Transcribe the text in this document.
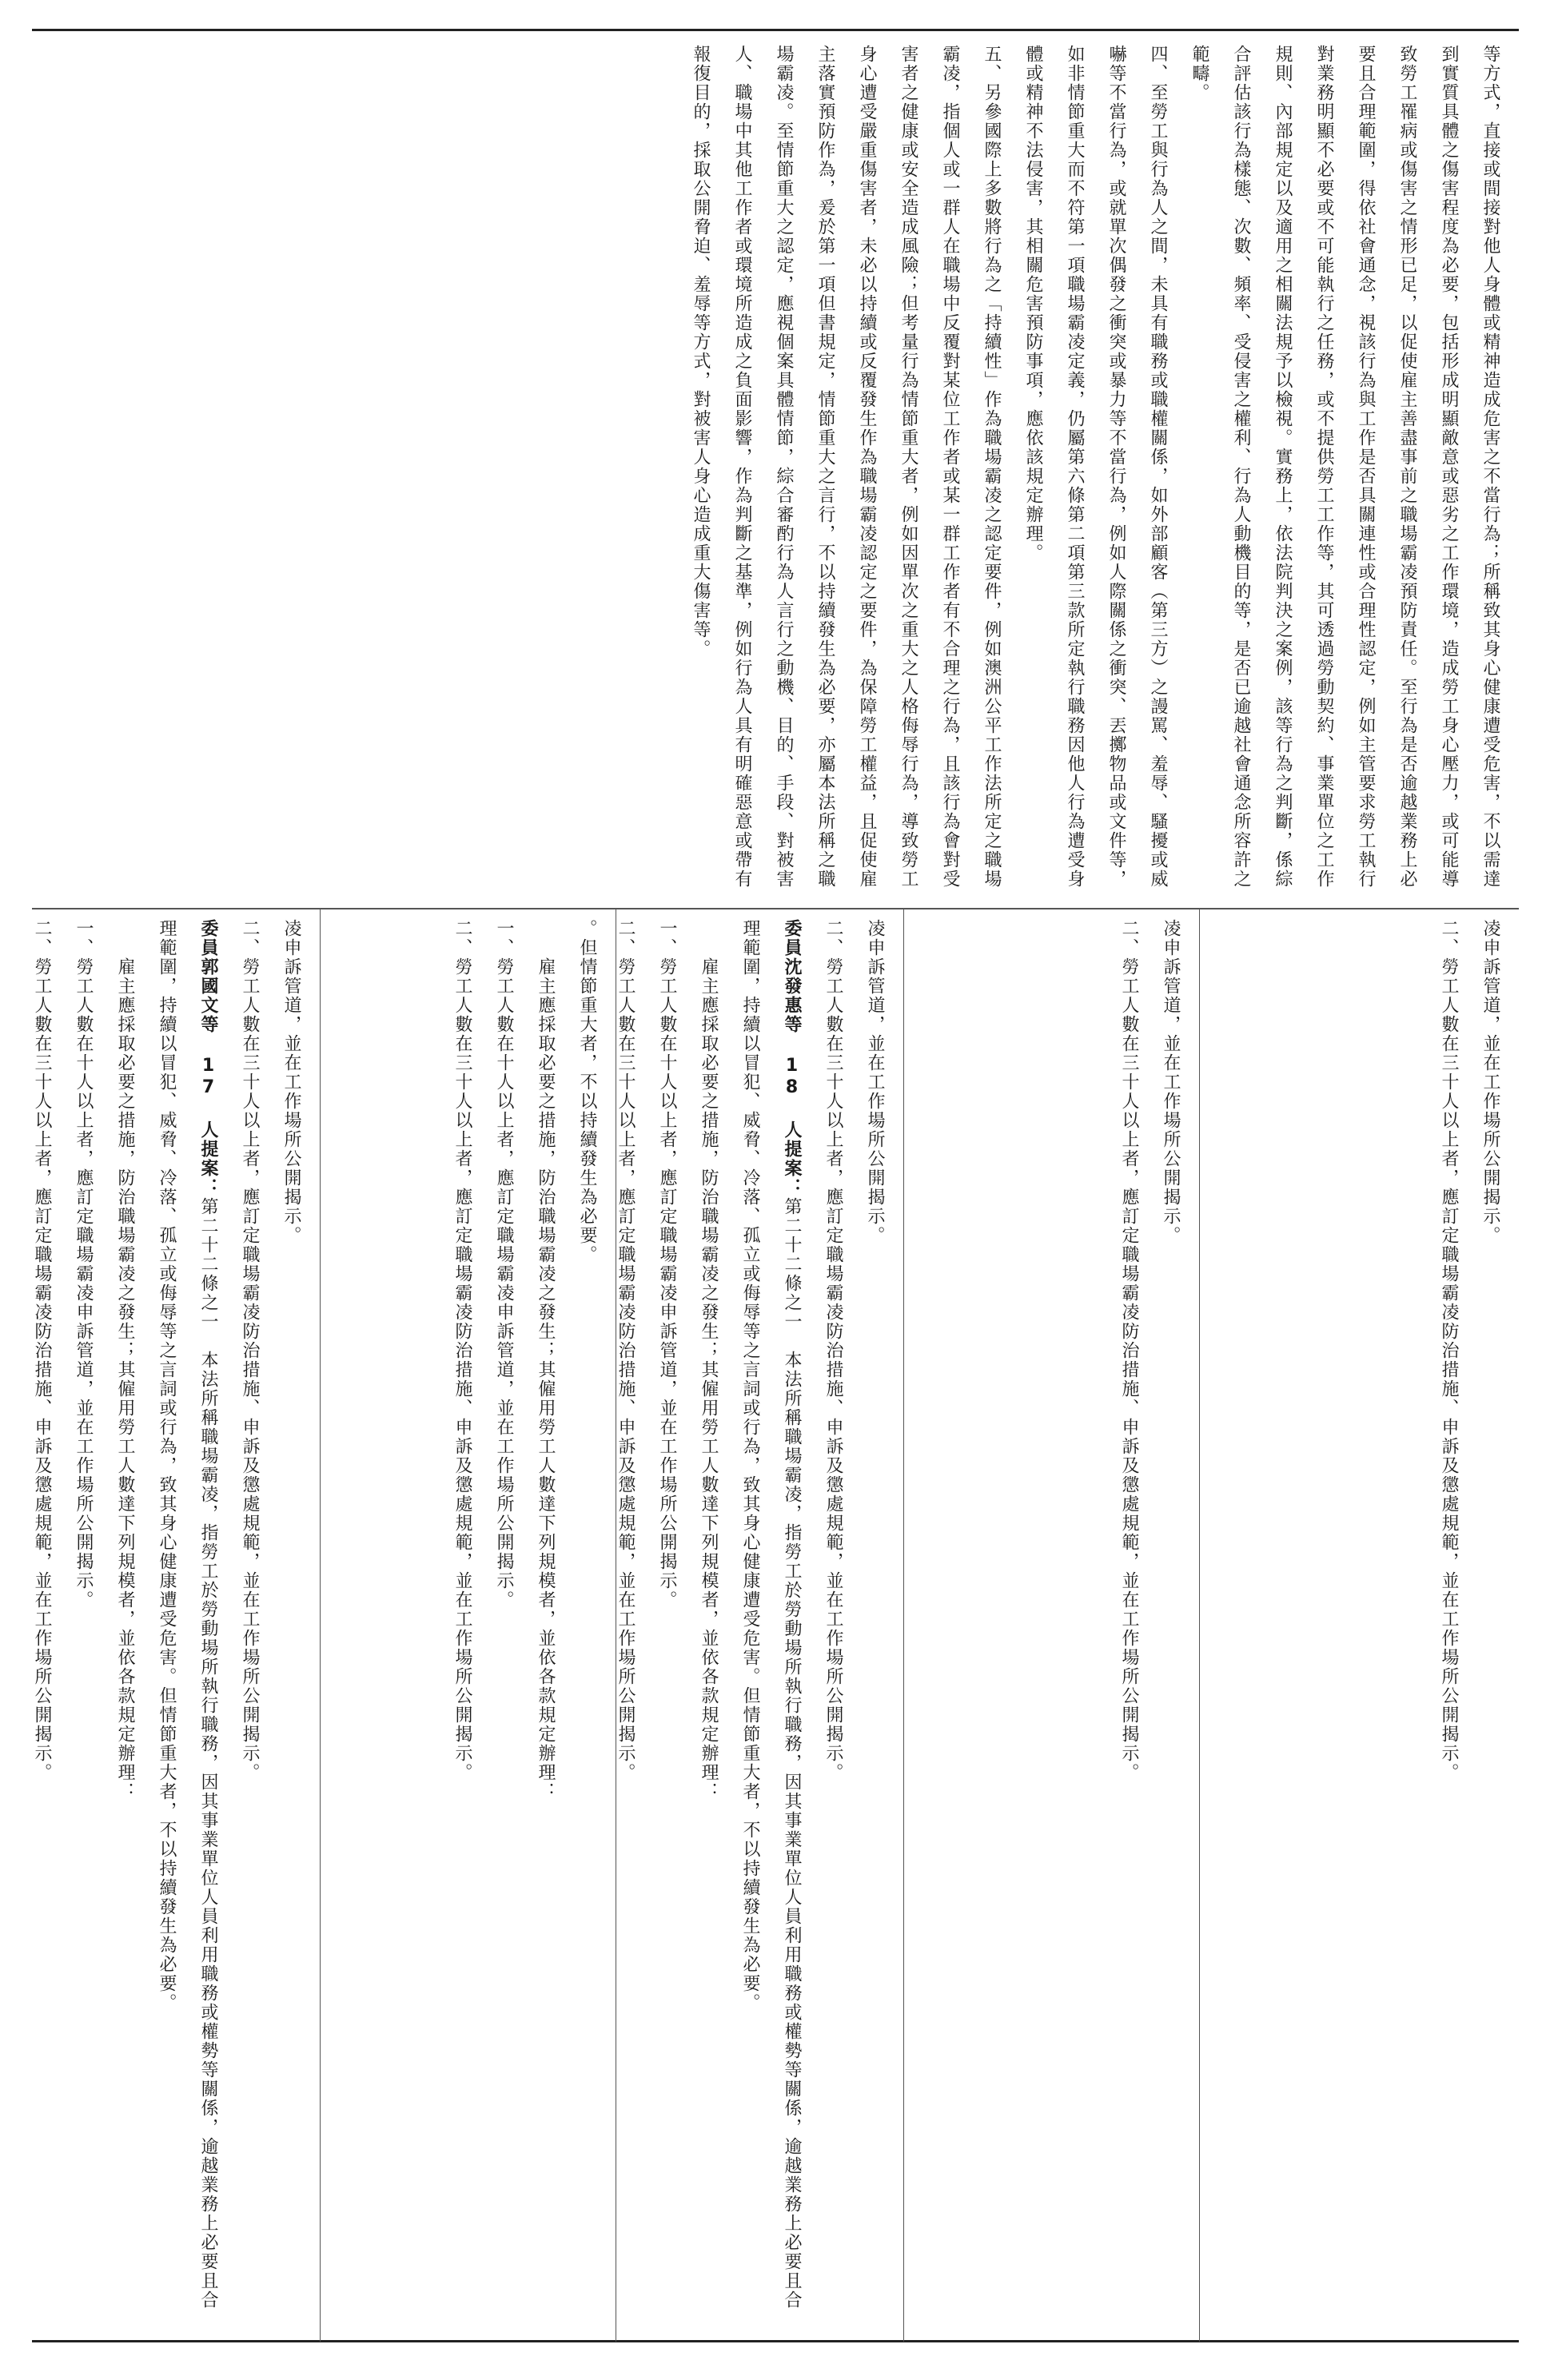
等方式，直接或間接對他人身體或精神造成危害之不當行為；所稱致其身心健康遭受危害，不以需達到實質具體之傷害程度為必要，包括形成明顯敵意或惡劣之工作環境，造成勞工身心壓力，或可能導致勞工罹病或傷害之情形已足，以促使雇主善盡事前之職場霸凌預防責任。至行為是否逾越業務上必要且合理範圍，得依社會通念，視該行為與工作是否具關連性或合理性認定，例如主管要求勞工執行對業務明顯不必要或不可能執行之任務，或不提供勞工工作等，其可透過勞動契約、事業單位之工作規則、內部規定以及適用之相關法規予以檢視。實務上，依法院判決之案例，該等行為之判斷，係綜合評估該行為樣態、次數、頻率、受侵害之權利、行為人動機目的等，是否已逾越社會通念所容許之範疇。
四、至勞工與行為人之間，未具有職務或職權關係，如外部顧客（第三方）之謾罵、羞辱、騷擾或威嚇等不當行為，或就單次偶發之衝突或暴力等不當行為，例如人際關係之衝突、丟擲物品或文件等，如非情節重大而不符第一項職場霸凌定義，仍屬第六條第二項第三款所定執行職務因他人行為遭受身體或精神不法侵害，其相關危害預防事項，應依該規定辦理。
五、另參國際上多數將行為之「持續性」作為職場霸凌之認定要件，例如澳洲公平工作法所定之職場霸凌，指個人或一群人在職場中反覆對某位工作者或某一群工作者有不合理之行為，且該行為會對受害者之健康或安全造成風險；但考量行為情節重大者，例如因單次之重大之人格侮辱行為，導致勞工身心遭受嚴重傷害者，未必以持續或反覆發生作為職場霸凌認定之要件，為保障勞工權益，且促使雇主落實預防作為，爰於第一項但書規定，情節重大之言行，不以持續發生為必要，亦屬本法所稱之職場霸凌。至情節重大之認定，應視個案具體情節，綜合審酌行為人言行之動機、目的、手段、對被害人、職場中其他工作者或環境所造成之負面影響，作為判斷之基準，例如行為人具有明確惡意或帶有報復目的，採取公開脅迫、羞辱等方式，對被害人身心造成重大傷害等。
凌申訴管道，並在工作場所公開揭示。
二、勞工人數在三十人以上者，應訂定職場霸凌防治措施、申訴及懲處規範，並在工作場所公開揭示。
凌申訴管道，並在工作場所公開揭示。
二、勞工人數在三十人以上者，應訂定職場霸凌防治措施、申訴及懲處規範，並在工作場所公開揭示。
凌申訴管道，並在工作場所公開揭示。
二、勞工人數在三十人以上者，應訂定職場霸凌防治措施、申訴及懲處規範，並在工作場所公開揭示。
委員沈發惠等 18 人提案：第二十二條之一　本法所稱職場霸凌，指勞工於勞動場所執行職務，因其事業單位人員利用職務或權勢等關係，逾越業務上必要且合理範圍，持續以冒犯、威脅、冷落、孤立或侮辱等之言詞或行為，致其身心健康遭受危害。但情節重大者，不以持續發生為必要。
　　雇主應採取必要之措施，防治職場霸凌之發生；其僱用勞工人數達下列規模者，並依各款規定辦理：
一、勞工人數在十人以上者，應訂定職場霸凌申訴管道，並在工作場所公開揭示。
二、勞工人數在三十人以上者，應訂定職場霸凌防治措施、申訴及懲處規範，並在工作場所公開揭示。
。但情節重大者，不以持續發生為必要。
　　雇主應採取必要之措施，防治職場霸凌之發生；其僱用勞工人數達下列規模者，並依各款規定辦理：
一、勞工人數在十人以上者，應訂定職場霸凌申訴管道，並在工作場所公開揭示。
二、勞工人數在三十人以上者，應訂定職場霸凌防治措施、申訴及懲處規範，並在工作場所公開揭示。
凌申訴管道，並在工作場所公開揭示。
二、勞工人數在三十人以上者，應訂定職場霸凌防治措施、申訴及懲處規範，並在工作場所公開揭示。
委員郭國文等 17 人提案：第二十二條之一　本法所稱職場霸凌，指勞工於勞動場所執行職務，因其事業單位人員利用職務或權勢等關係，逾越業務上必要且合理範圍，持續以冒犯、威脅、冷落、孤立或侮辱等之言詞或行為，致其身心健康遭受危害。但情節重大者，不以持續發生為必要。
　　雇主應採取必要之措施，防治職場霸凌之發生；其僱用勞工人數達下列規模者，並依各款規定辦理：
一、勞工人數在十人以上者，應訂定職場霸凌申訴管道，並在工作場所公開揭示。
二、勞工人數在三十人以上者，應訂定職場霸凌防治措施、申訴及懲處規範，並在工作場所公開揭示。
